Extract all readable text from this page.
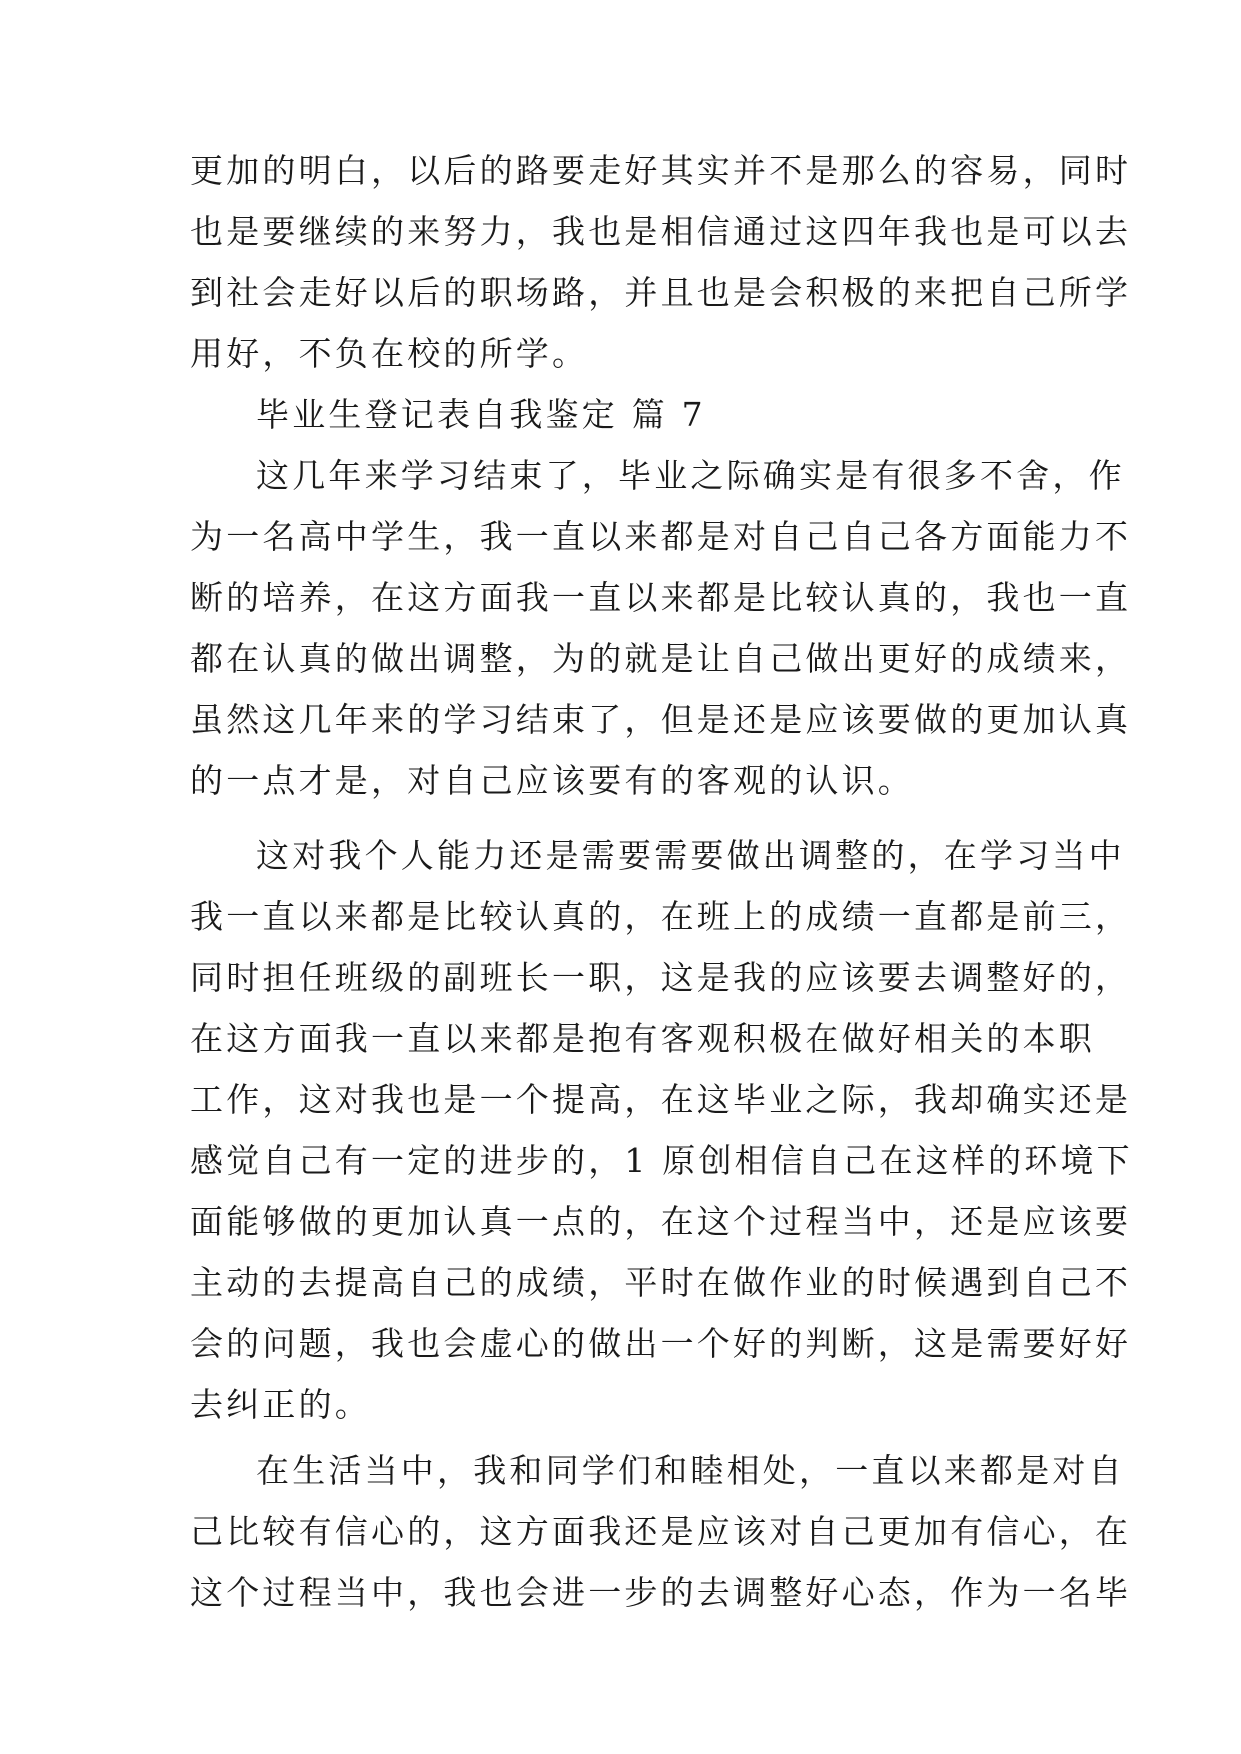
更加的明白，以后的路要走好其实并不是那么的容易，同时
也是要继续的来努力，我也是相信通过这四年我也是可以去
到社会走好以后的职场路，并且也是会积极的来把自己所学
用好，不负在校的所学。
毕业生登记表自我鉴定 篇 7
这几年来学习结束了，毕业之际确实是有很多不舍，作
为一名高中学生，我一直以来都是对自己自己各方面能力不
断的培养，在这方面我一直以来都是比较认真的，我也一直
都在认真的做出调整，为的就是让自己做出更好的成绩来，
虽然这几年来的学习结束了，但是还是应该要做的更加认真
的一点才是，对自己应该要有的客观的认识。
这对我个人能力还是需要需要做出调整的，在学习当中
我一直以来都是比较认真的，在班上的成绩一直都是前三，
同时担任班级的副班长一职，这是我的应该要去调整好的，
在这方面我一直以来都是抱有客观积极在做好相关的本职
工作，这对我也是一个提高，在这毕业之际，我却确实还是
感觉自己有一定的进步的，1 原创相信自己在这样的环境下
面能够做的更加认真一点的，在这个过程当中，还是应该要
主动的去提高自己的成绩，平时在做作业的时候遇到自己不
会的问题，我也会虚心的做出一个好的判断，这是需要好好
去纠正的。
在生活当中，我和同学们和睦相处，一直以来都是对自
己比较有信心的，这方面我还是应该对自己更加有信心，在
这个过程当中，我也会进一步的去调整好心态，作为一名毕
